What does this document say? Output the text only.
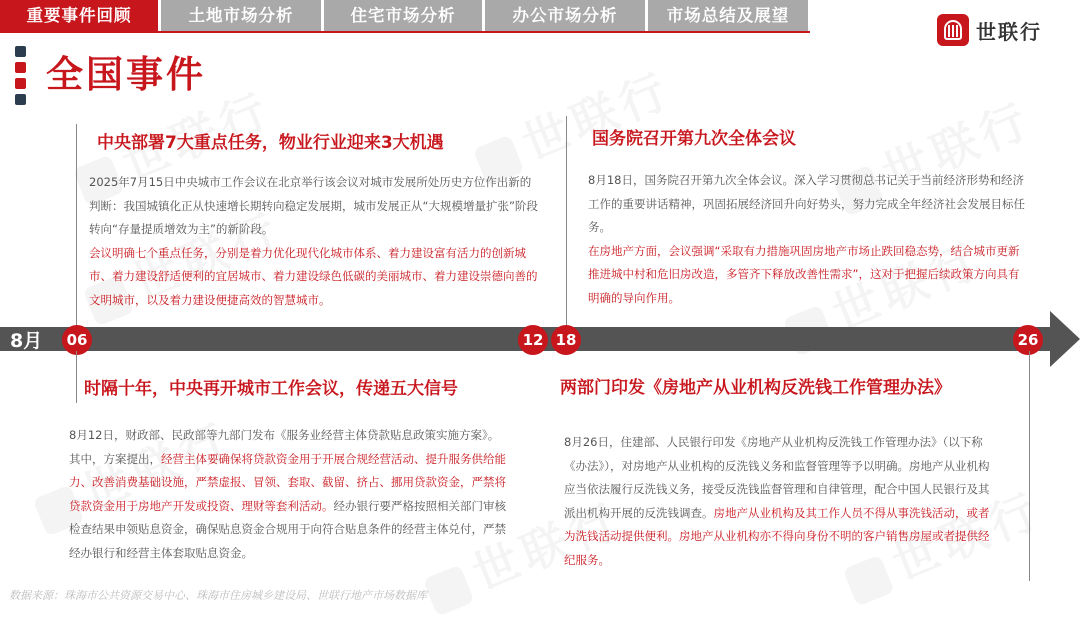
重要事件回顾	土地市场分析	住宅市场分析	办公市场分析	市场总结及展望
世联行
全国事件
中央部署7大重点任务，物业行业迎来3大机遇
2025年7月15日中央城市工作会议在北京举行该会议对城市发展所处历史方位作出新的判断：我国城镇化正从快速增长期转向稳定发展期，城市发展正从“大规模增量扩张”阶段转向“存量提质增效为主”的新阶段。
会议明确七个重点任务，分别是着力优化现代化城市体系、着力建设富有活力的创新城市、着力建设舒适便利的宜居城市、着力建设绿色低碳的美丽城市、着力建设崇德向善的文明城市，以及着力建设便捷高效的智慧城市。
国务院召开第九次全体会议
8月18日，国务院召开第九次全体会议。深入学习贯彻总书记关于当前经济形势和经济工作的重要讲话精神，巩固拓展经济回升向好势头，努力完成全年经济社会发展目标任务。
在房地产方面，会议强调“采取有力措施巩固房地产市场止跌回稳态势，结合城市更新推进城中村和危旧房改造，多管齐下释放改善性需求”，这对于把握后续政策方向具有明确的导向作用。
8月	06	12 18	26
时隔十年，中央再开城市工作会议，传递五大信号
8月12日，财政部、民政部等九部门发布《服务业经营主体贷款贴息政策实施方案》。其中，方案提出，经营主体要确保将贷款资金用于开展合规经营活动、提升服务供给能力、改善消费基础设施，严禁虚报、冒领、套取、截留、挤占、挪用贷款资金，严禁将贷款资金用于房地产开发或投资、理财等套利活动。经办银行要严格按照相关部门审核检查结果申领贴息资金，确保贴息资金合规用于向符合贴息条件的经营主体兑付，严禁经办银行和经营主体套取贴息资金。
两部门印发《房地产从业机构反洗钱工作管理办法》
8月26日，住建部、人民银行印发《房地产从业机构反洗钱工作管理办法》（以下称《办法》），对房地产从业机构的反洗钱义务和监督管理等予以明确。房地产从业机构应当依法履行反洗钱义务，接受反洗钱监督管理和自律管理，配合中国人民银行及其派出机构开展的反洗钱调查。房地产从业机构及其工作人员不得从事洗钱活动，或者为洗钱活动提供便利。房地产从业机构亦不得向身份不明的客户销售房屋或者提供经纪服务。
数据来源：珠海市公共资源交易中心、珠海市住房城乡建设局、世联行地产市场数据库
